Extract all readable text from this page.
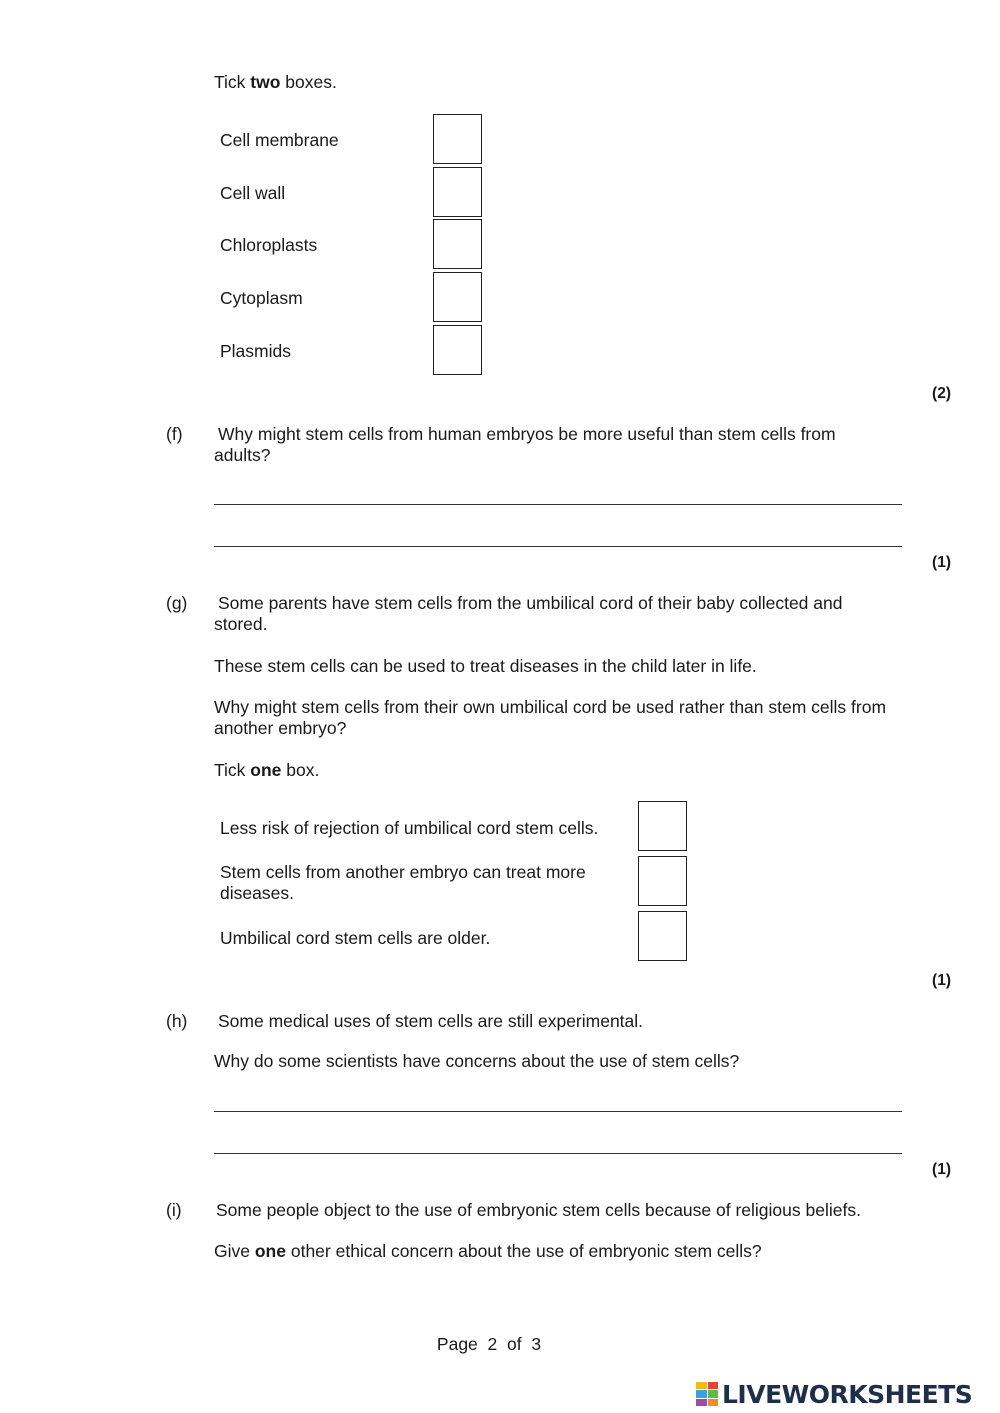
Tick two boxes.
Cell membrane
Cell wall
Chloroplasts
Cytoplasm
Plasmids
(2)
(f) Why might stem cells from human embryos be more useful than stem cells from adults?
(1)
(g) Some parents have stem cells from the umbilical cord of their baby collected and stored.
These stem cells can be used to treat diseases in the child later in life.
Why might stem cells from their own umbilical cord be used rather than stem cells from another embryo?
Tick one box.
Less risk of rejection of umbilical cord stem cells.
Stem cells from another embryo can treat more diseases.
Umbilical cord stem cells are older.
(1)
(h) Some medical uses of stem cells are still experimental.
Why do some scientists have concerns about the use of stem cells?
(1)
(i) Some people object to the use of embryonic stem cells because of religious beliefs.
Give one other ethical concern about the use of embryonic stem cells?
Page 2 of 3
LIVEWORKSHEETS
